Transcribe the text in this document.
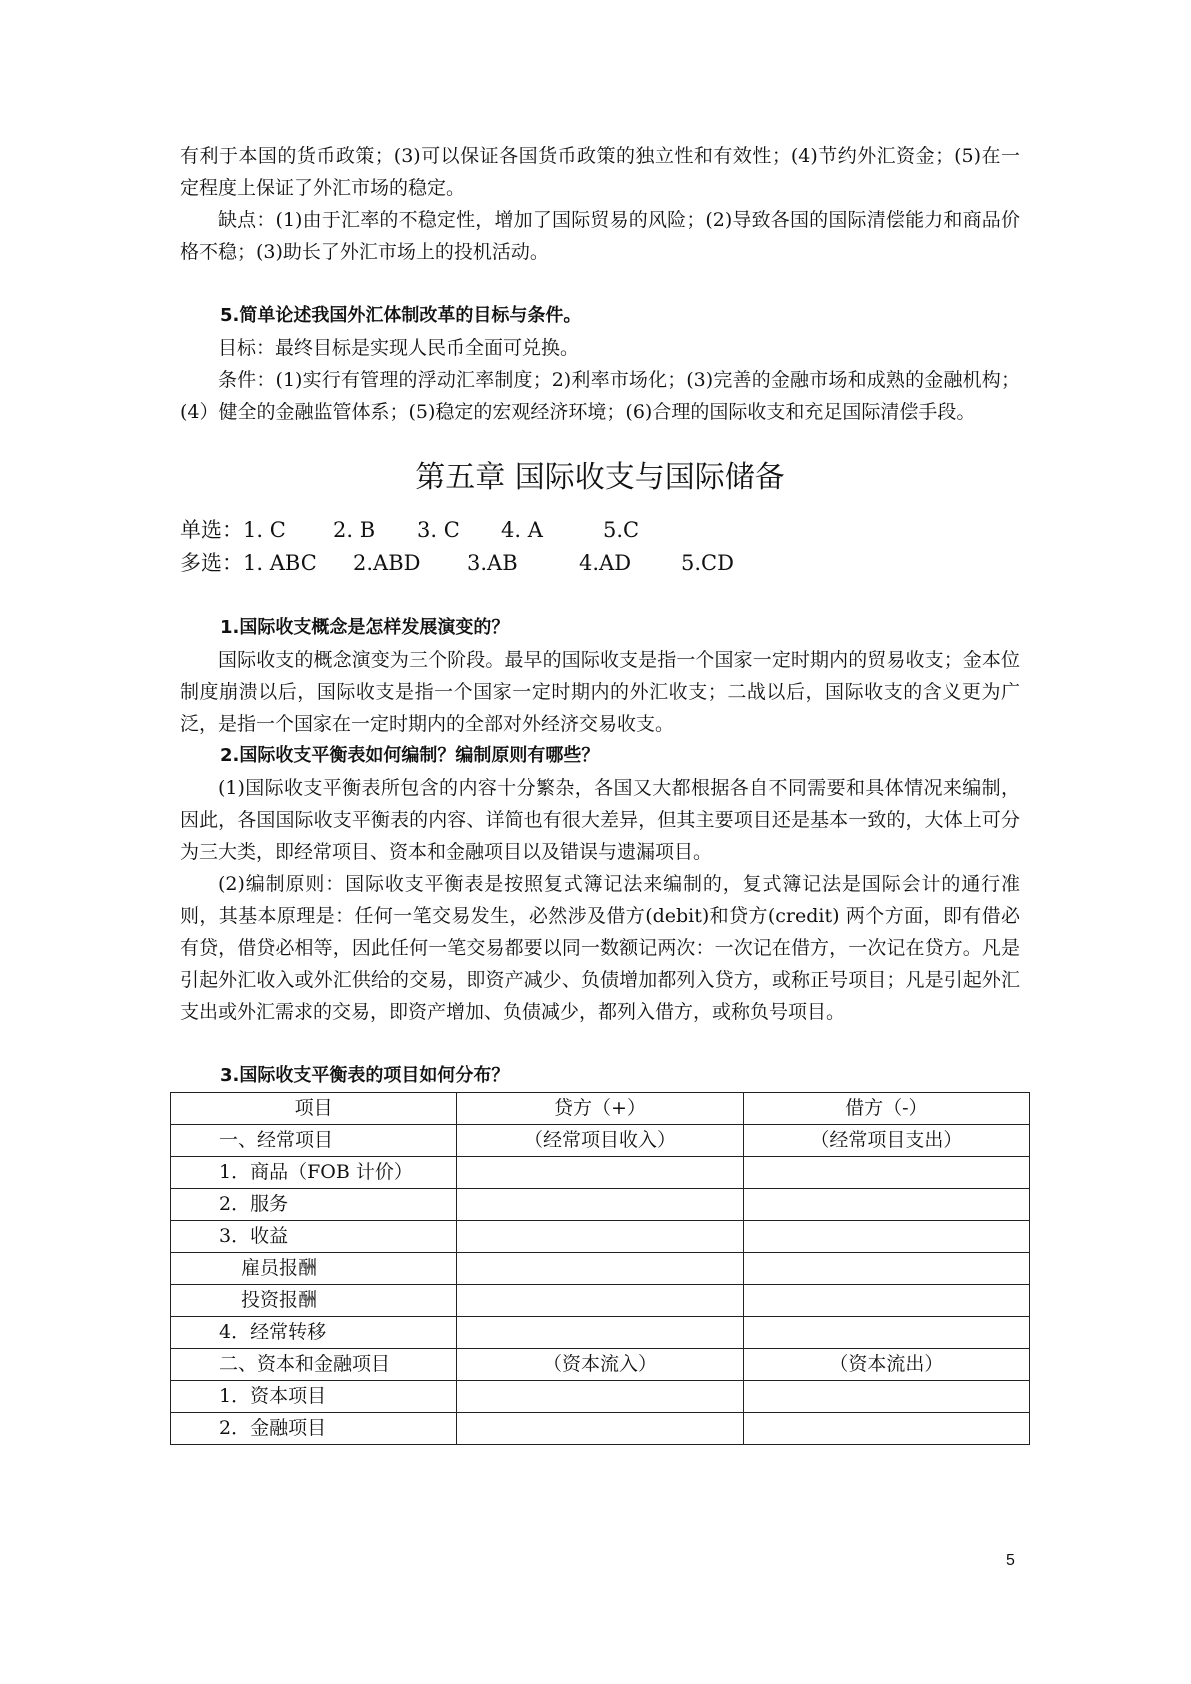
有利于本国的货币政策；(3)可以保证各国货币政策的独立性和有效性；(4)节约外汇资金；(5)在一定程度上保证了外汇市场的稳定。

缺点：(1)由于汇率的不稳定性，增加了国际贸易的风险；(2)导致各国的国际清偿能力和商品价格不稳；(3)助长了外汇市场上的投机活动。

5.简单论述我国外汇体制改革的目标与条件。

目标：最终目标是实现人民币全面可兑换。

条件：(1)实行有管理的浮动汇率制度；2)利率市场化；(3)完善的金融市场和成熟的金融机构；(4）健全的金融监管体系；(5)稳定的宏观经济环境；(6)合理的国际收支和充足国际清偿手段。

第五章 国际收支与国际储备
单选：1. C 2. B 3. C 4. A	5.C
多选：1. ABC 2.ABD 3.AB	4.AD 5.CD

1.国际收支概念是怎样发展演变的？

国际收支的概念演变为三个阶段。最早的国际收支是指一个国家一定时期内的贸易收支；金本位制度崩溃以后，国际收支是指一个国家一定时期内的外汇收支；二战以后，国际收支的含义更为广泛，是指一个国家在一定时期内的全部对外经济交易收支。

2.国际收支平衡表如何编制？编制原则有哪些？

(1)国际收支平衡表所包含的内容十分繁杂，各国又大都根据各自不同需要和具体情况来编制，因此，各国国际收支平衡表的内容、详简也有很大差异，但其主要项目还是基本一致的，大体上可分为三大类，即经常项目、资本和金融项目以及错误与遗漏项目。

(2)编制原则：国际收支平衡表是按照复式簿记法来编制的，复式簿记法是国际会计的通行准则，其基本原理是：任何一笔交易发生，必然涉及借方(debit)和贷方(credit) 两个方面，即有借必有贷，借贷必相等，因此任何一笔交易都要以同一数额记两次：一次记在借方，一次记在贷方。凡是引起外汇收入或外汇供给的交易，即资产减少、负债增加都列入贷方，或称正号项目；凡是引起外汇支出或外汇需求的交易，即资产增加、负债减少，都列入借方，或称负号项目。

3.国际收支平衡表的项目如何分布？

项目	贷方（+）	借方（-）
一、经常项目	（经常项目收入）	（经常项目支出）
1．商品（FOB 计价）		
2．服务		
3．收益		
雇员报酬		
投资报酬		
4．经常转移		
二、资本和金融项目	（资本流入）	（资本流出）
1．资本项目		
2．金融项目		
5
